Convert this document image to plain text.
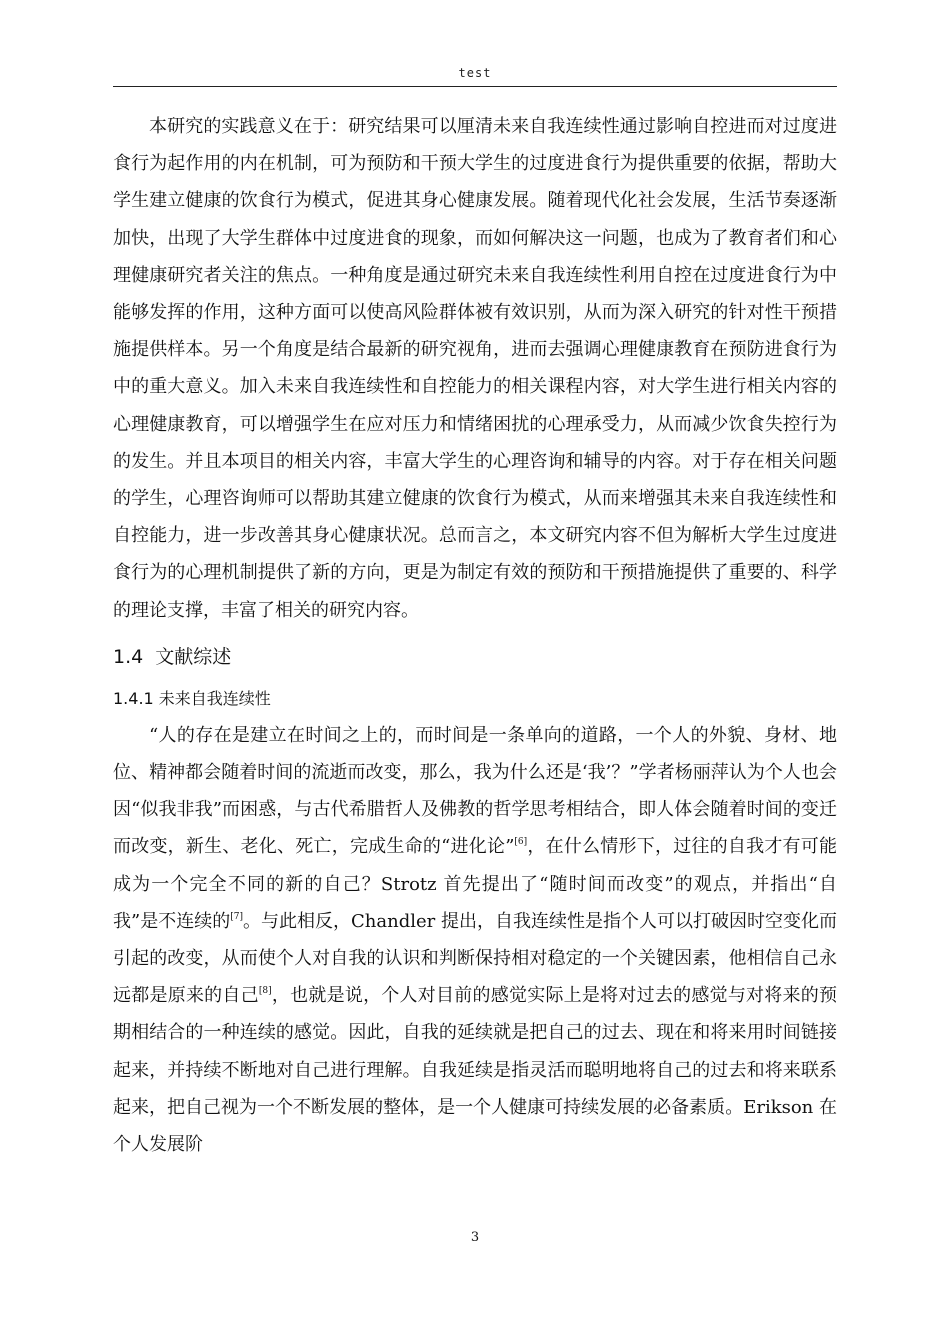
test

本研究的实践意义在于：研究结果可以厘清未来自我连续性通过影响自控进而对过度进食行为起作用的内在机制，可为预防和干预大学生的过度进食行为提供重要的依据，帮助大学生建立健康的饮食行为模式，促进其身心健康发展。随着现代化社会发展，生活节奏逐渐加快，出现了大学生群体中过度进食的现象，而如何解决这一问题，也成为了教育者们和心理健康研究者关注的焦点。一种角度是通过研究未来自我连续性利用自控在过度进食行为中能够发挥的作用，这种方面可以使高风险群体被有效识别，从而为深入研究的针对性干预措施提供样本。另一个角度是结合最新的研究视角，进而去强调心理健康教育在预防进食行为中的重大意义。加入未来自我连续性和自控能力的相关课程内容，对大学生进行相关内容的心理健康教育，可以增强学生在应对压力和情绪困扰的心理承受力，从而减少饮食失控行为的发生。并且本项目的相关内容，丰富大学生的心理咨询和辅导的内容。对于存在相关问题的学生，心理咨询师可以帮助其建立健康的饮食行为模式，从而来增强其未来自我连续性和自控能力，进一步改善其身心健康状况。总而言之，本文研究内容不但为解析大学生过度进食行为的心理机制提供了新的方向，更是为制定有效的预防和干预措施提供了重要的、科学的理论支撑，丰富了相关的研究内容。

1.4 文献综述
1.4.1 未来自我连续性

“人的存在是建立在时间之上的，而时间是一条单向的道路，一个人的外貌、身材、地位、精神都会随着时间的流逝而改变，那么，我为什么还是‘我’？”学者杨丽萍认为个人也会因“似我非我”而困惑，与古代希腊哲人及佛教的哲学思考相结合，即人体会随着时间的变迁而改变，新生、老化、死亡，完成生命的“进化论”[6]，在什么情形下，过往的自我才有可能成为一个完全不同的新的自己？Strotz 首先提出了“随时间而改变”的观点，并指出“自我”是不连续的[7]。与此相反，Chandler 提出，自我连续性是指个人可以打破因时空变化而引起的改变，从而使个人对自我的认识和判断保持相对稳定的一个关键因素，他相信自己永远都是原来的自己[8]，也就是说，个人对目前的感觉实际上是将对过去的感觉与对将来的预期相结合的一种连续的感觉。因此，自我的延续就是把自己的过去、现在和将来用时间链接起来，并持续不断地对自己进行理解。自我延续是指灵活而聪明地将自己的过去和将来联系起来，把自己视为一个不断发展的整体，是一个人健康可持续发展的必备素质。Erikson 在个人发展阶

3
